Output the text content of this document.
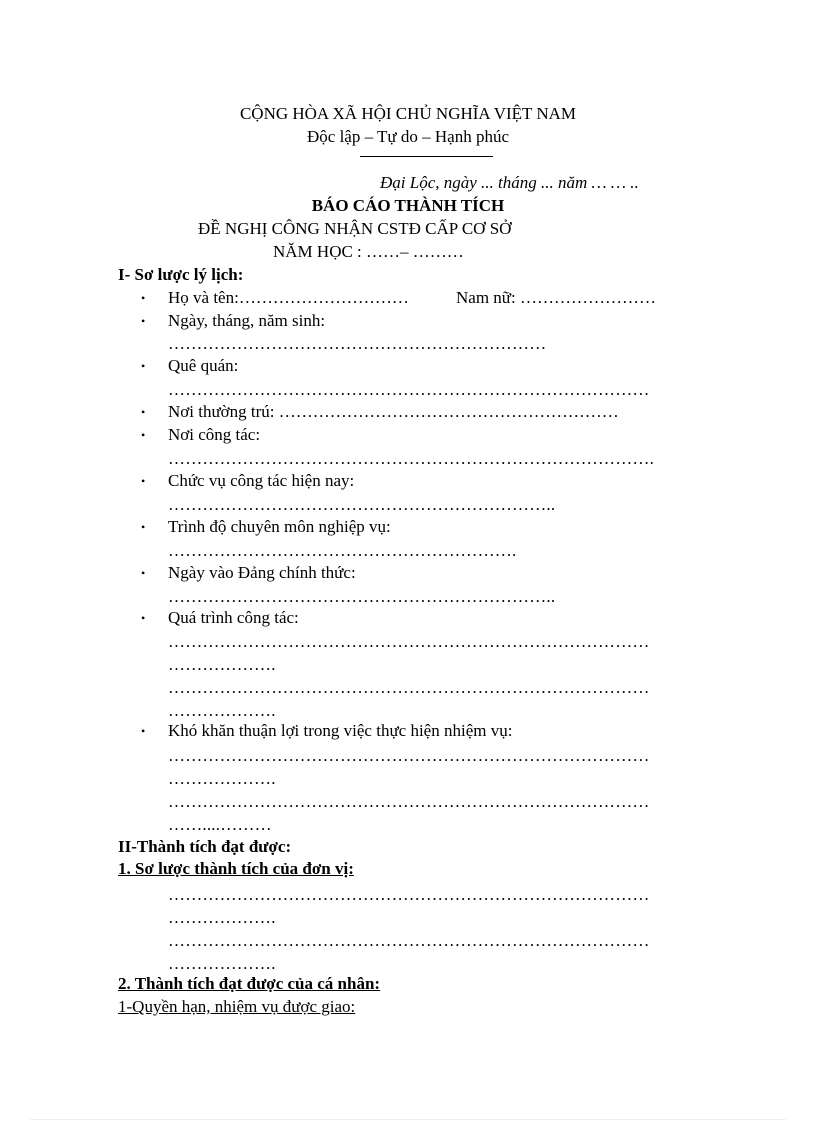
CỘNG HÒA XÃ HỘI CHỦ NGHĨA VIỆT NAM
Độc lập – Tự do – Hạnh phúc
Đại Lộc, ngày ... tháng ... năm … … ..
BÁO CÁO THÀNH TÍCH
ĐỀ NGHỊ CÔNG NHẬN CSTĐ CẤP CƠ SỞ
NĂM HỌC : ……– ………
I- Sơ lược lý lịch:
• Họ và tên:…………………………	Nam nữ: ……………………
• Ngày, tháng, năm sinh:
…………………………………………………………
• Quê quán:
…………………………………………………………………………
• Nơi thường trú: ……………………………………………………
• Nơi công tác:
………………………………………………………………………….
• Chức vụ công tác hiện nay:
…………………………………………………………..
• Trình độ chuyên môn nghiệp vụ:
…………………………………………………….
• Ngày vào Đảng chính thức:
…………………………………………………………..
• Quá trình công tác:
…………………………………………………………………………
……………….
…………………………………………………………………………
……………….
• Khó khăn thuận lợi trong việc thực hiện nhiệm vụ:
…………………………………………………………………………
……………….
…………………………………………………………………………
……....………
II-Thành tích đạt được:
1. Sơ lược thành tích của đơn vị:
…………………………………………………………………………
……………….
…………………………………………………………………………
……………….
2. Thành tích đạt được của cá nhân:
1-Quyền hạn, nhiệm vụ được giao:
